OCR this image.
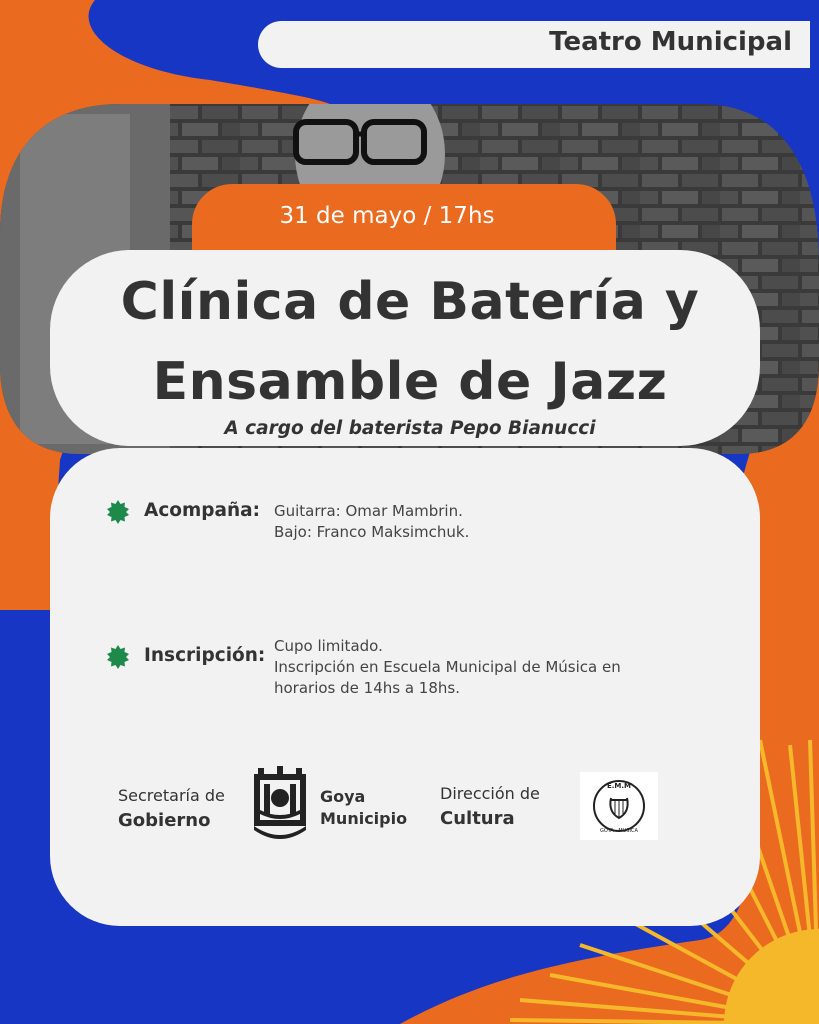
Teatro Municipal
31 de mayo / 17hs
Clínica de Batería y
Ensamble de Jazz
A cargo del baterista Pepo Bianucci
Acompaña: Guitarra: Omar Mambrin.
Bajo: Franco Maksimchuk.
Inscripción: Cupo limitado.
Inscripción en Escuela Municipal de Música en
horarios de 14hs a 18hs.
Secretaría de
Gobierno
Goya
Municipio
Dirección de
Cultura
E.M.M
GOYA · MUSICA
